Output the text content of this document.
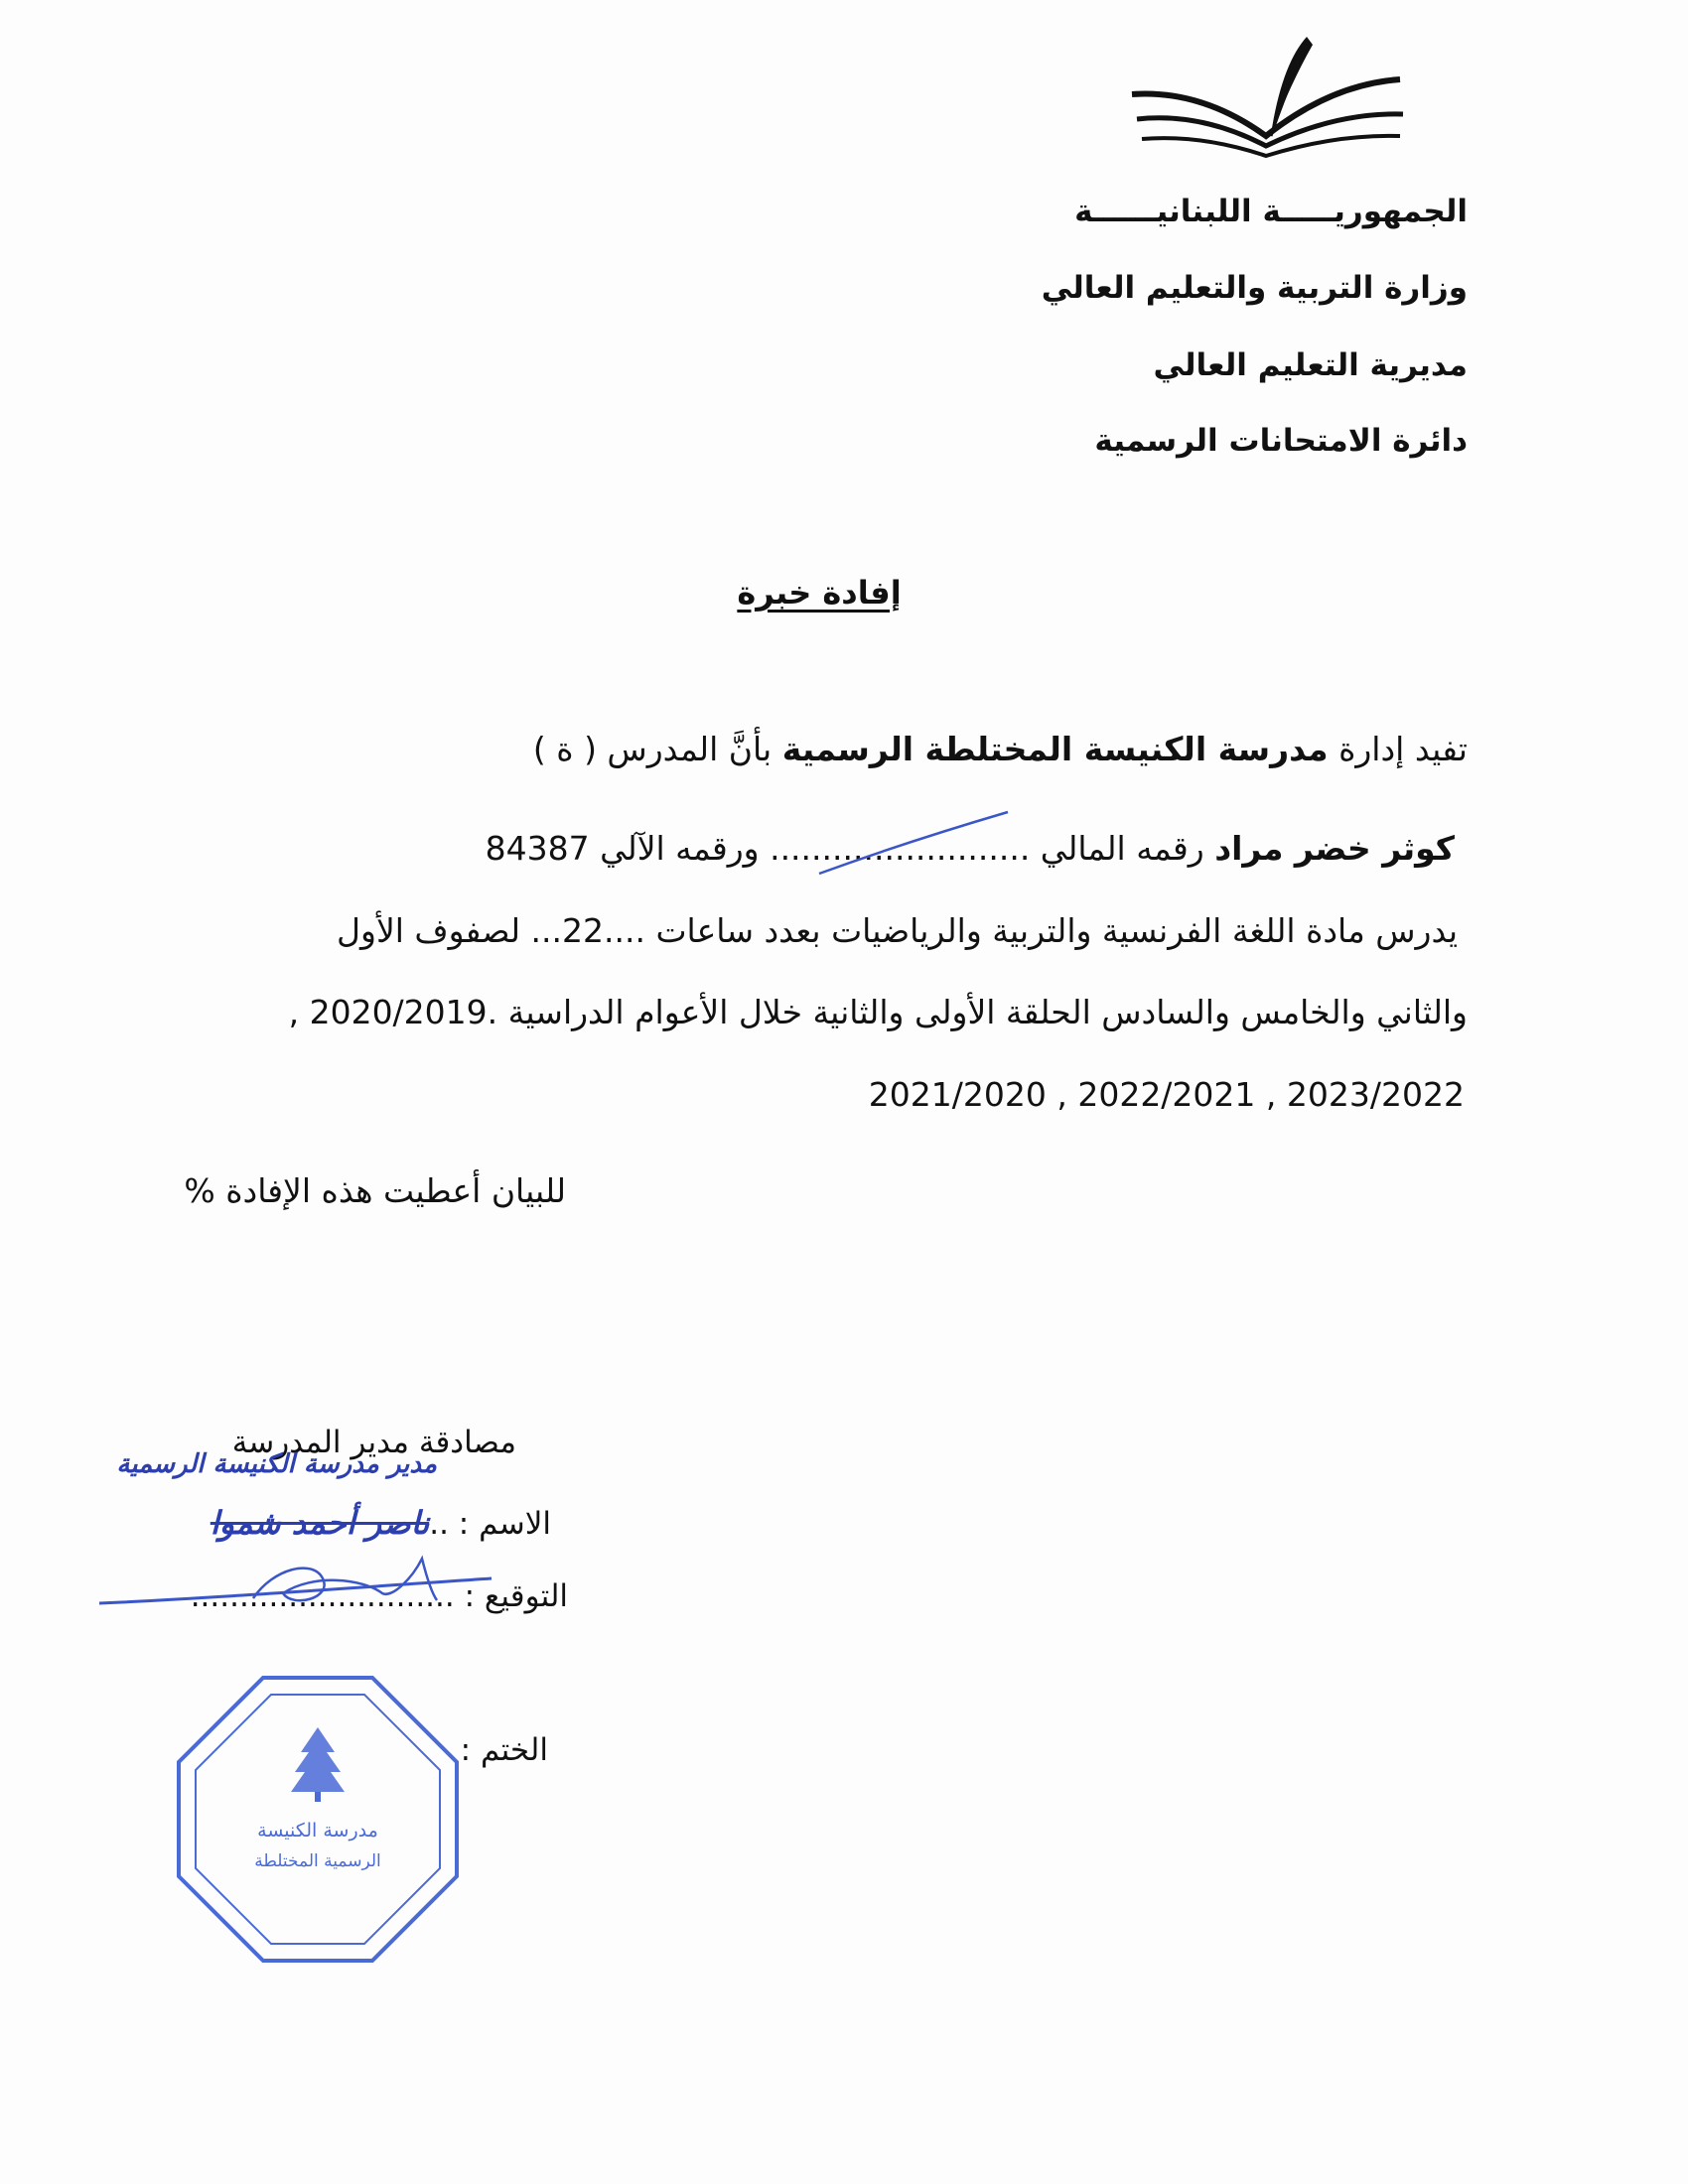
الجمهوريـــــة اللبنانيــــــة
وزارة التربية والتعليم العالي
مديرية التعليم العالي
دائرة الامتحانات الرسمية
إفادة خبرة
تفيد إدارة مدرسة الكنيسة المختلطة الرسمية بأنَّ المدرس ( ة )
كوثر خضر مراد رقمه المالي ......................... ورقمه الآلي 84387
يدرس مادة اللغة الفرنسية والتربية والرياضيات بعدد ساعات ....22... لصفوف الأول
والثاني والخامس والسادس الحلقة الأولى والثانية خلال الأعوام الدراسية .2020/2019 ,
2023/2022 , 2022/2021 , 2021/2020
للبيان أعطيت هذه الإفادة %
مصادقة مدير المدرسة
مدير مدرسة الكنيسة الرسمية
الاسم : ..ناصر أحمد شموا
التوقيع : ...........................
الختم :
مدرسة الكنيسة
الرسمية المختلطة
